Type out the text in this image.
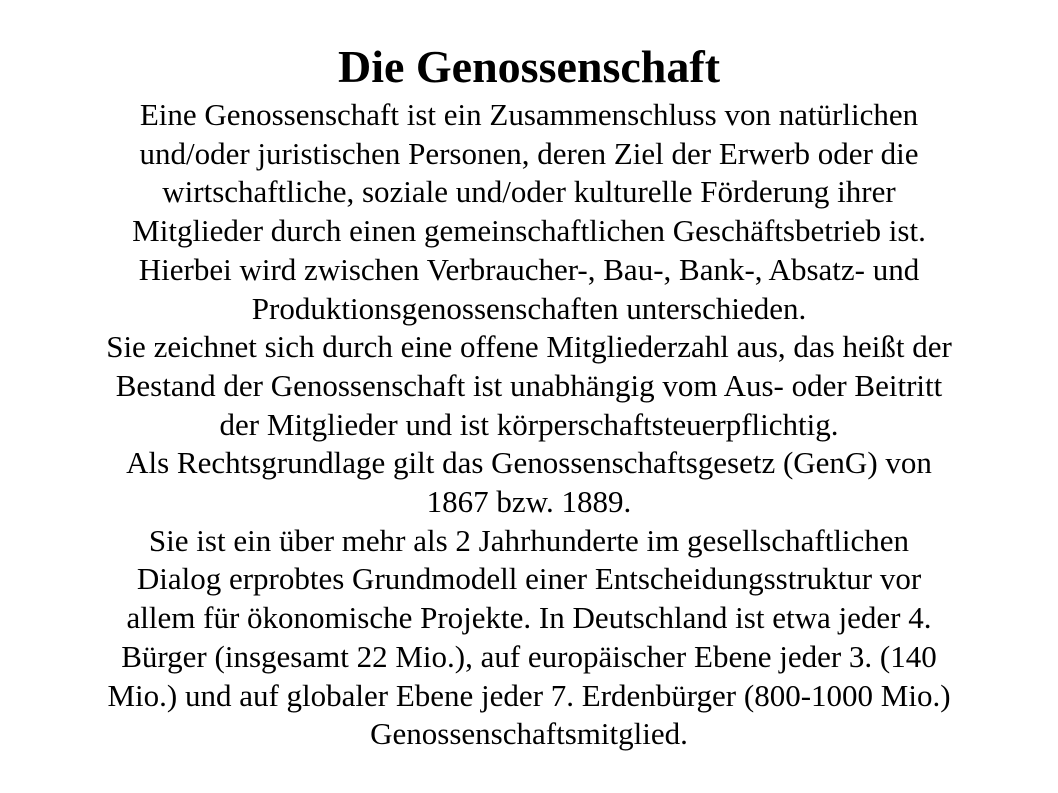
Die Genossenschaft
Eine Genossenschaft ist ein Zusammenschluss von natürlichen
und/oder juristischen Personen, deren Ziel der Erwerb oder die
wirtschaftliche, soziale und/oder kulturelle Förderung ihrer
Mitglieder durch einen gemeinschaftlichen Geschäftsbetrieb ist.
Hierbei wird zwischen Verbraucher-, Bau-, Bank-, Absatz- und
Produktionsgenossenschaften unterschieden.
Sie zeichnet sich durch eine offene Mitgliederzahl aus, das heißt der
Bestand der Genossenschaft ist unabhängig vom Aus- oder Beitritt
der Mitglieder und ist körperschaftsteuerpflichtig.
Als Rechtsgrundlage gilt das Genossenschaftsgesetz (GenG) von
1867 bzw. 1889.
Sie ist ein über mehr als 2 Jahrhunderte im gesellschaftlichen
Dialog erprobtes Grundmodell einer Entscheidungsstruktur vor
allem für ökonomische Projekte. In Deutschland ist etwa jeder 4.
Bürger (insgesamt 22 Mio.), auf europäischer Ebene jeder 3. (140
Mio.) und auf globaler Ebene jeder 7. Erdenbürger (800-1000 Mio.)
Genossenschaftsmitglied.
